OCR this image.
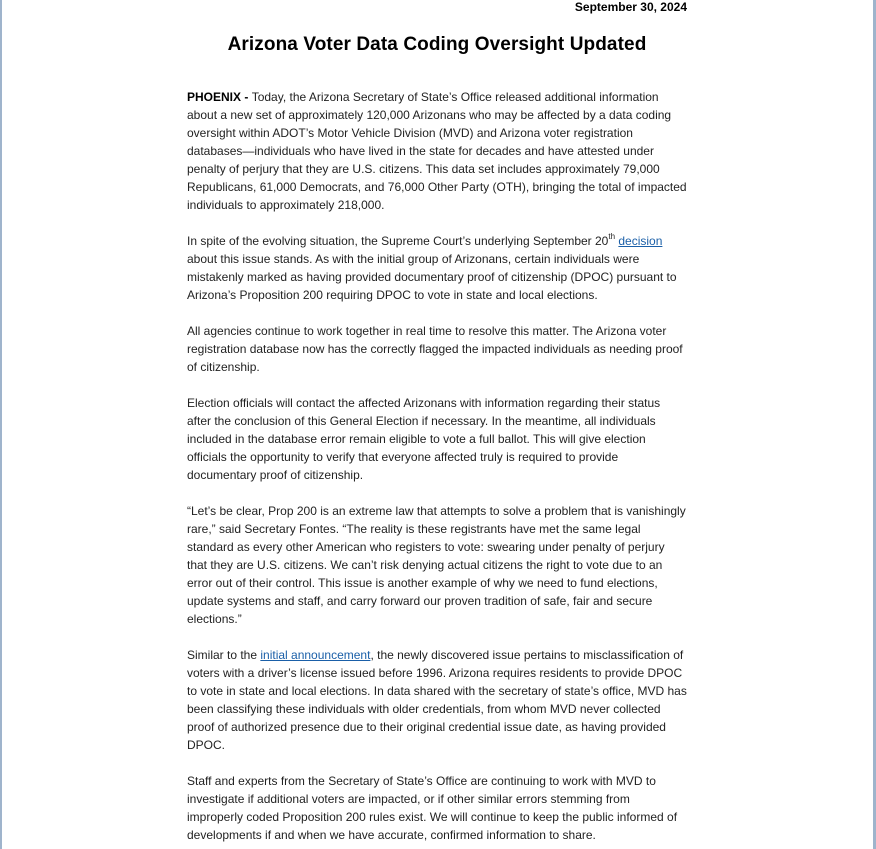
September 30, 2024
Arizona Voter Data Coding Oversight Updated

PHOENIX - Today, the Arizona Secretary of State’s Office released additional information about a new set of approximately 120,000 Arizonans who may be affected by a data coding oversight within ADOT’s Motor Vehicle Division (MVD) and Arizona voter registration databases—individuals who have lived in the state for decades and have attested under penalty of perjury that they are U.S. citizens. This data set includes approximately 79,000 Republicans, 61,000 Democrats, and 76,000 Other Party (OTH), bringing the total of impacted individuals to approximately 218,000.

In spite of the evolving situation, the Supreme Court’s underlying September 20th decision about this issue stands. As with the initial group of Arizonans, certain individuals were mistakenly marked as having provided documentary proof of citizenship (DPOC) pursuant to Arizona’s Proposition 200 requiring DPOC to vote in state and local elections.

All agencies continue to work together in real time to resolve this matter. The Arizona voter registration database now has the correctly flagged the impacted individuals as needing proof of citizenship.

Election officials will contact the affected Arizonans with information regarding their status after the conclusion of this General Election if necessary. In the meantime, all individuals included in the database error remain eligible to vote a full ballot. This will give election officials the opportunity to verify that everyone affected truly is required to provide documentary proof of citizenship.

“Let’s be clear, Prop 200 is an extreme law that attempts to solve a problem that is vanishingly rare,” said Secretary Fontes. “The reality is these registrants have met the same legal standard as every other American who registers to vote: swearing under penalty of perjury that they are U.S. citizens. We can’t risk denying actual citizens the right to vote due to an error out of their control. This issue is another example of why we need to fund elections, update systems and staff, and carry forward our proven tradition of safe, fair and secure elections.”

Similar to the initial announcement, the newly discovered issue pertains to misclassification of voters with a driver’s license issued before 1996. Arizona requires residents to provide DPOC to vote in state and local elections. In data shared with the secretary of state’s office, MVD has been classifying these individuals with older credentials, from whom MVD never collected proof of authorized presence due to their original credential issue date, as having provided DPOC.

Staff and experts from the Secretary of State’s Office are continuing to work with MVD to investigate if additional voters are impacted, or if other similar errors stemming from improperly coded Proposition 200 rules exist. We will continue to keep the public informed of developments if and when we have accurate, confirmed information to share.
